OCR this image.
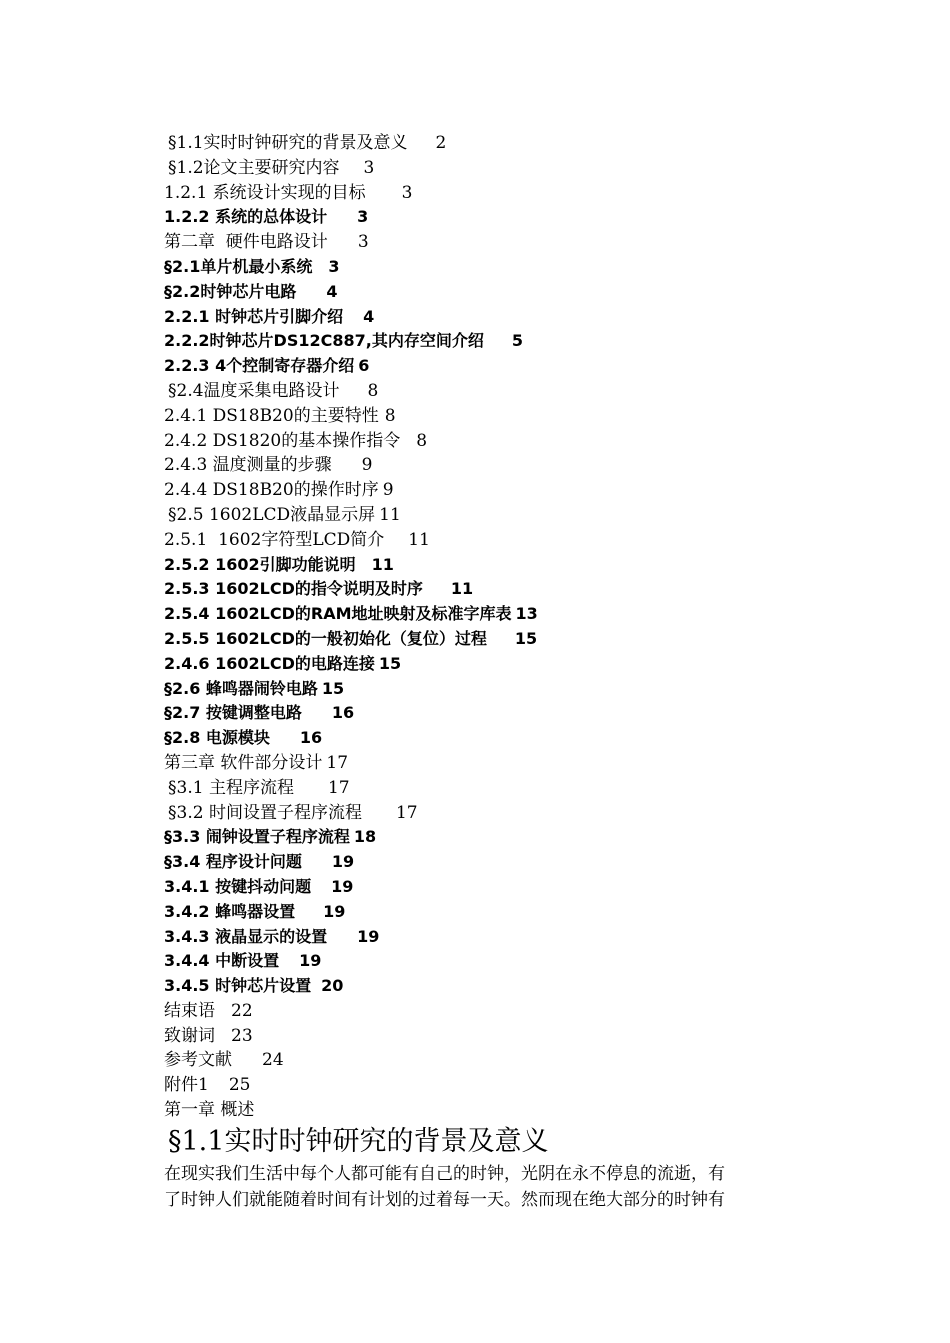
§1.1实时时钟研究的背景及意义 2
§1.2论文主要研究内容 3
1.2.1 系统设计实现的目标 3
1.2.2 系统的总体设计 3
第二章  硬件电路设计 3
§2.1单片机最小系统 3
§2.2时钟芯片电路 4
2.2.1 时钟芯片引脚介绍 4
2.2.2时钟芯片DS12C887,其内存空间介绍 5
2.2.3 4个控制寄存器介绍 6
§2.4温度采集电路设计 8
2.4.1 DS18B20的主要特性 8
2.4.2 DS1820的基本操作指令 8
2.4.3 温度测量的步骤 9
2.4.4 DS18B20的操作时序 9
§2.5 1602LCD液晶显示屏 11
2.5.1  1602字符型LCD简介 11
2.5.2 1602引脚功能说明 11
2.5.3 1602LCD的指令说明及时序 11
2.5.4 1602LCD的RAM地址映射及标准字库表 13
2.5.5 1602LCD的一般初始化（复位）过程 15
2.4.6 1602LCD的电路连接 15
§2.6 蜂鸣器闹铃电路 15
§2.7 按键调整电路 16
§2.8 电源模块 16
第三章 软件部分设计 17
§3.1 主程序流程 17
§3.2 时间设置子程序流程 17
§3.3 闹钟设置子程序流程 18
§3.4 程序设计问题 19
3.4.1 按键抖动问题 19
3.4.2 蜂鸣器设置 19
3.4.3 液晶显示的设置 19
3.4.4 中断设置 19
3.4.5 时钟芯片设置 20
结束语 22
致谢词 23
参考文献 24
附件1 25
第一章 概述
§1.1实时时钟研究的背景及意义
在现实我们生活中每个人都可能有自己的时钟，光阴在永不停息的流逝，有
了时钟人们就能随着时间有计划的过着每一天。然而现在绝大部分的时钟有
